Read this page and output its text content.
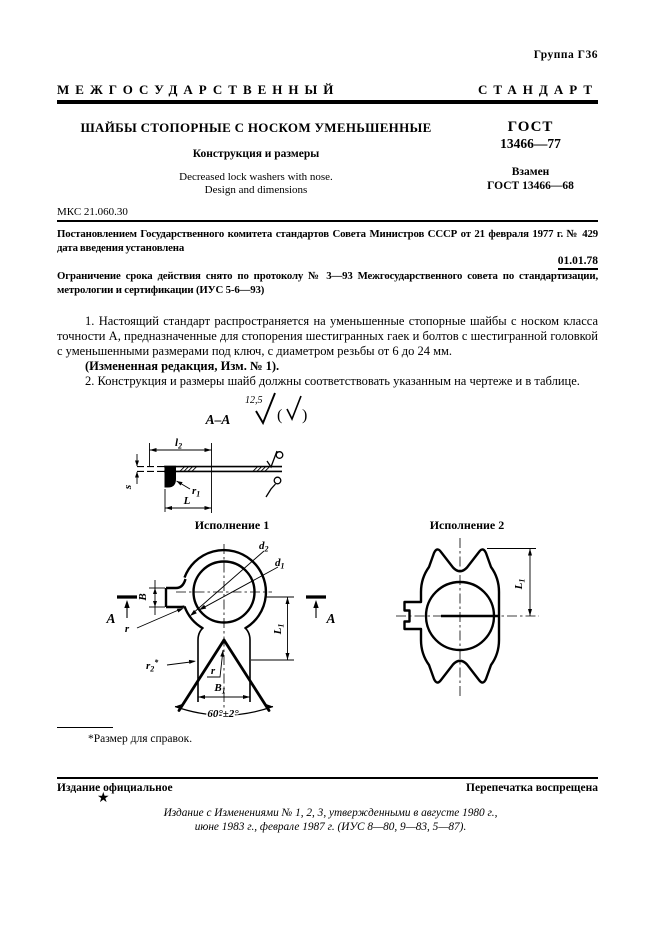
Группа Г36
МЕЖГОСУДАРСТВЕННЫЙ	СТАНДАРТ
ШАЙБЫ СТОПОРНЫЕ С НОСКОМ УМЕНЬШЕННЫЕ
Конструкция и размеры
Decreased lock washers with nose.
Design and dimensions
ГОСТ
13466—77
Взамен
ГОСТ 13466—68
МКС 21.060.30
Постановлением Государственного комитета стандартов Совета Министров СССР от 21 февраля 1977 г. № 429 дата введения установлена
01.01.78
Ограничение срока действия снято по протоколу № 3—93 Межгосударственного совета по стандартизации, метрологии и сертификации (ИУС 5-6—93)

1. Настоящий стандарт распространяется на уменьшенные стопорные шайбы с носком класса точности А, предназначенные для стопорения шестигранных гаек и болтов с шестигранной головкой с уменьшенными размерами под ключ, с диаметром резьбы от 6 до 24 мм.

(Измененная редакция, Изм. № 1).

2. Конструкция и размеры шайб должны соответствовать указанным на чертеже и в таблице.

А–А
12,5
( )
$l_2$
s	$r_1$
L
Исполнение 1
B
А	А
$d_2$
$d_1$
$L_1$
$B_1$
60°±2°
r
$r_2^*$
r
Исполнение 2
$L_1$
*Размер для справок.
Издание официальное	Перепечатка воспрещена
★
Издание с Изменениями № 1, 2, 3, утвержденными в августе 1980 г.,
июне 1983 г., феврале 1987 г. (ИУС 8—80, 9—83, 5—87).
